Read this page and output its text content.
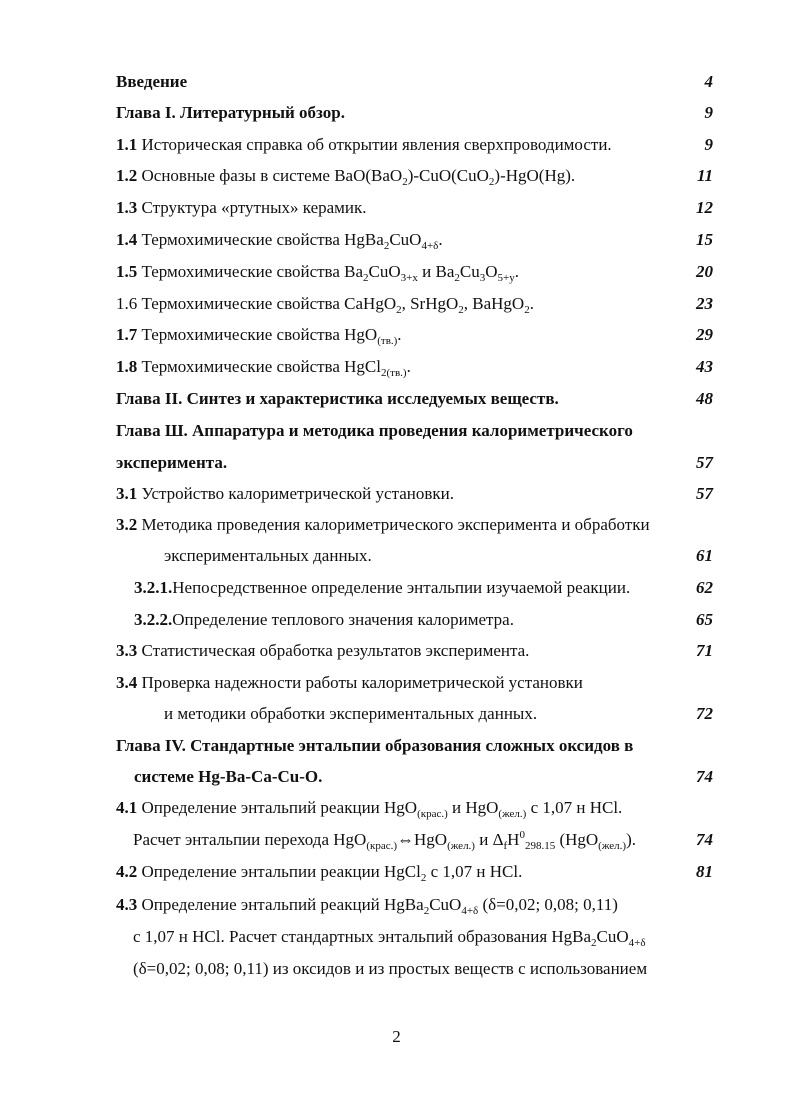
Введение	4
Глава I. Литературный обзор.	9
1.1 Историческая справка об открытии явления сверхпроводимости.	9
1.2 Основные фазы в системе BaO(BaO$_2$)-CuO(CuO$_2$)-HgO(Hg).	11
1.3 Структура «ртутных» керамик.	12
1.4 Термохимические свойства HgBa$_2$CuO$_{4+\delta}$.	15
1.5 Термохимические свойства $Ba_2CuO_{3+x}$ и $Ba_2Cu_3O_{5+y}$.	20
1.6 Термохимические свойства CaHgO$_2$, SrHgO$_2$, BaHgO$_2$.	23
1.7 Термохимические свойства HgO$_{(тв.)}$.	29
1.8 Термохимические свойства HgCl$_{2(тв.)}$.	43
Глава II. Синтез и характеристика исследуемых веществ.	48
Глава Ш. Аппаратура и методика проведения калориметрического
эксперимента.	57
3.1 Устройство калориметрической установки.	57
3.2 Методика проведения калориметрического эксперимента и обработки
экспериментальных данных.	61
3.2.1.Непосредственное определение энтальпии изучаемой реакции.	62
3.2.2.Определение теплового значения калориметра.	65
3.3 Статистическая обработка результатов эксперимента.	71
3.4 Проверка надежности работы калориметрической установки
и методики обработки экспериментальных данных.	72
Глава IV. Стандартные энтальпии образования сложных оксидов в
системе Hg-Ba-Ca-Cu-O.	74
4.1 Определение энтальпий реакции HgO$_{(крас.)}$ и HgO$_{(жел.)}$ с 1,07 н HCl.
Расчет энтальпии перехода HgO$_{(крас.)}$⇔HgO$_{(жел.)}$ и $\Delta_fH^0_{298.15}$ (HgO$_{(жел.)}$).	74
4.2 Определение энтальпии реакции HgCl$_2$ с 1,07 н HCl.	81
4.3 Определение энтальпий реакций HgBa$_2$CuO$_{4+\delta}$ (δ=0,02; 0,08; 0,11)
с 1,07 н HCl. Расчет стандартных энтальпий образования HgBa$_2$CuO$_{4+\delta}$
(δ=0,02; 0,08; 0,11) из оксидов и из простых веществ с использованием
2
